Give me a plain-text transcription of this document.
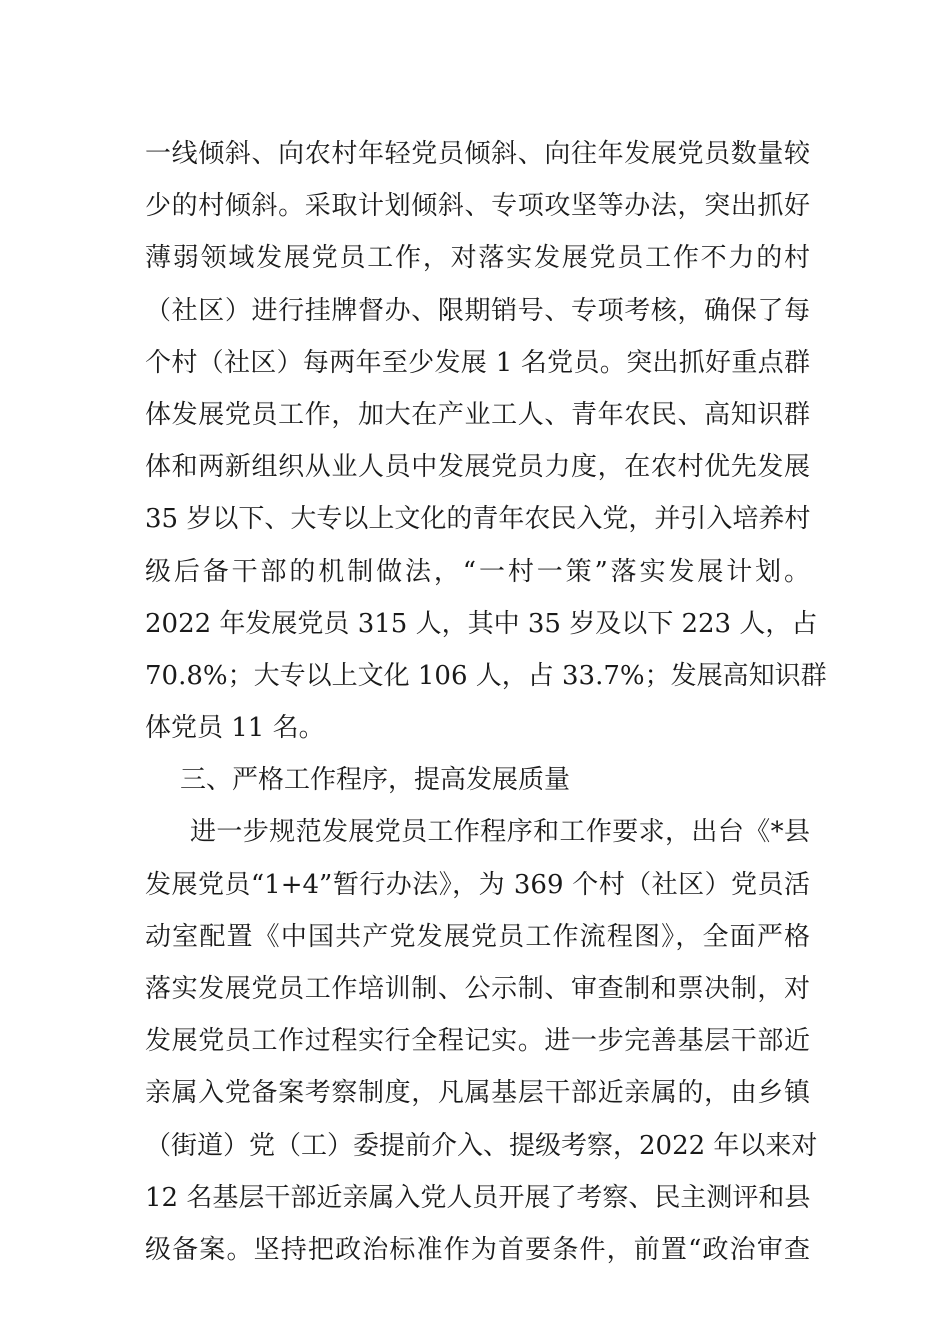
一线倾斜、向农村年轻党员倾斜、向往年发展党员数量较
少的村倾斜。采取计划倾斜、专项攻坚等办法，突出抓好
薄弱领域发展党员工作，对落实发展党员工作不力的村
（社区）进行挂牌督办、限期销号、专项考核，确保了每
个村（社区）每两年至少发展 1 名党员。突出抓好重点群
体发展党员工作，加大在产业工人、青年农民、高知识群
体和两新组织从业人员中发展党员力度，在农村优先发展
35 岁以下、大专以上文化的青年农民入党，并引入培养村
级后备干部的机制做法，“一村一策”落实发展计划。
2022 年发展党员 315 人，其中 35 岁及以下 223 人，占
70.8%；大专以上文化 106 人，占 33.7%；发展高知识群
体党员 11 名。
三、严格工作程序，提高发展质量
进一步规范发展党员工作程序和工作要求，出台《*县
发展党员“1+4”暂行办法》，为 369 个村（社区）党员活
动室配置《中国共产党发展党员工作流程图》，全面严格
落实发展党员工作培训制、公示制、审查制和票决制，对
发展党员工作过程实行全程记实。进一步完善基层干部近
亲属入党备案考察制度，凡属基层干部近亲属的，由乡镇
（街道）党（工）委提前介入、提级考察，2022 年以来对
12 名基层干部近亲属入党人员开展了考察、民主测评和县
级备案。坚持把政治标准作为首要条件，前置“政治审查
